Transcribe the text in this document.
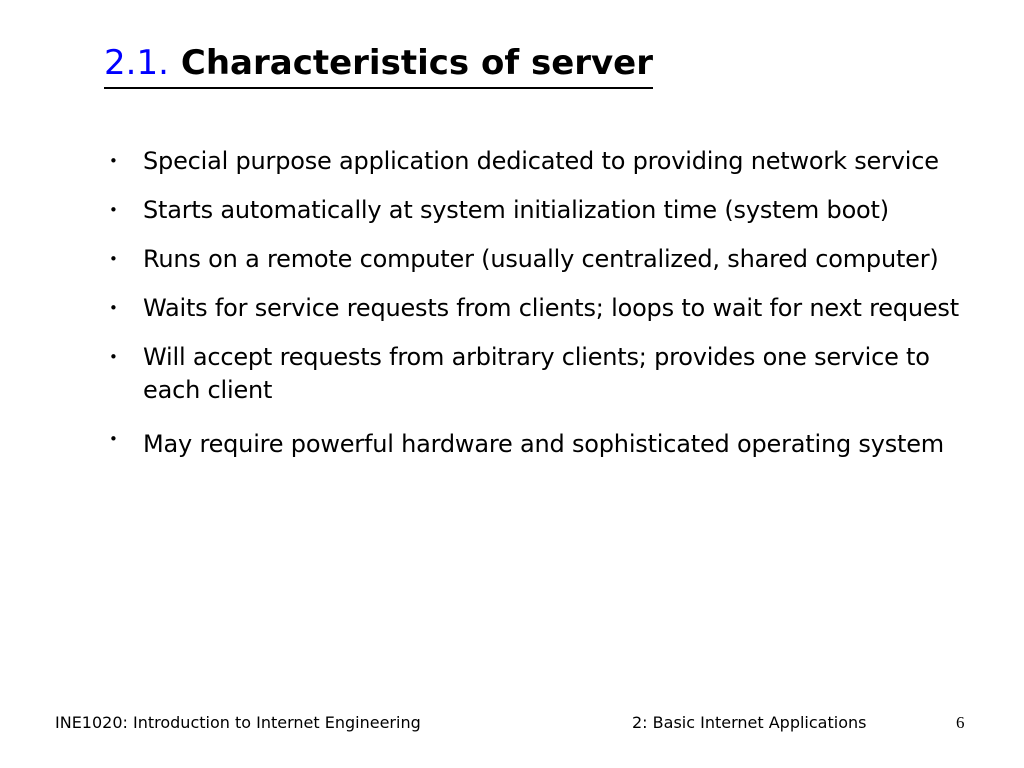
2.1. Characteristics of server
•	Special purpose application dedicated to providing network service
•	Starts automatically at system initialization time (system boot)
•	Runs on a remote computer (usually centralized, shared computer)
•	Waits for service requests from clients; loops to wait for next request
•	Will accept requests from arbitrary clients; provides one service to each client
•	May require powerful hardware and sophisticated operating system
INE1020: Introduction to Internet Engineering	2: Basic Internet Applications	6
